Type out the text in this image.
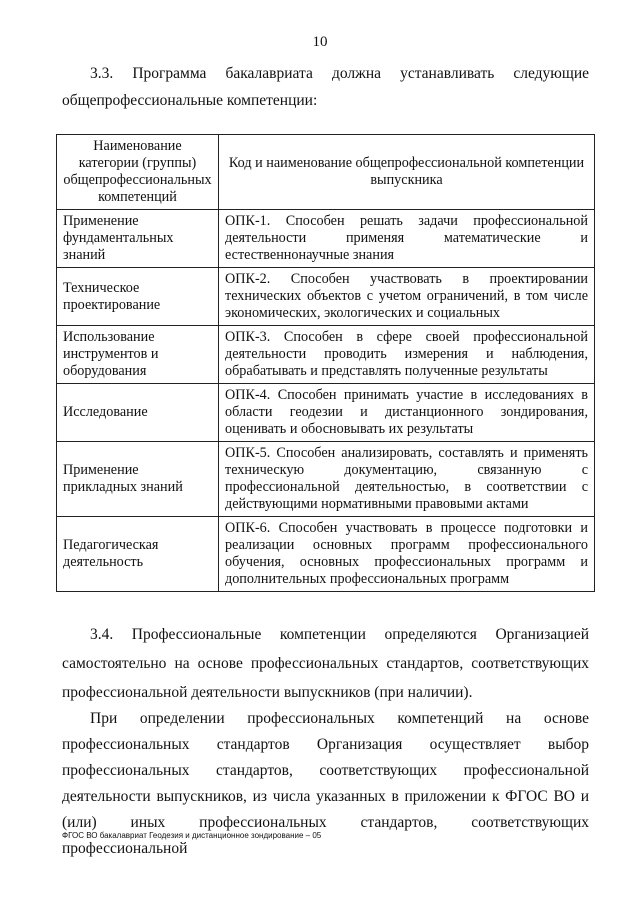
10
3.3. Программа бакалавриата должна устанавливать следующие общепрофессиональные компетенции:
Наименование категории (группы) общепрофессиональных компетенций	Код и наименование общепрофессиональной компетенции выпускника
Применение фундаментальных знаний	ОПК-1. Способен решать задачи профессиональной деятельности применяя математические и естественнонаучные знания
Техническое проектирование	ОПК-2. Способен участвовать в проектировании технических объектов с учетом ограничений, в том числе экономических, экологических и социальных
Использование инструментов и оборудования	ОПК-3. Способен в сфере своей профессиональной деятельности проводить измерения и наблюдения, обрабатывать и представлять полученные результаты
Исследование	ОПК-4. Способен принимать участие в исследованиях в области геодезии и дистанционного зондирования, оценивать и обосновывать их результаты
Применение прикладных знаний	ОПК-5. Способен анализировать, составлять и применять техническую документацию, связанную с профессиональной деятельностью, в соответствии с действующими нормативными правовыми актами
Педагогическая деятельность	ОПК-6. Способен участвовать в процессе подготовки и реализации основных программ профессионального обучения, основных профессиональных программ и дополнительных профессиональных программ
3.4. Профессиональные компетенции определяются Организацией самостоятельно на основе профессиональных стандартов, соответствующих профессиональной деятельности выпускников (при наличии).
При определении профессиональных компетенций на основе профессиональных стандартов Организация осуществляет выбор профессиональных стандартов, соответствующих профессиональной деятельности выпускников, из числа указанных в приложении к ФГОС ВО и (или) иных профессиональных стандартов, соответствующих профессиональной
ФГОС ВО бакалавриат Геодезия и дистанционное зондирование – 05
